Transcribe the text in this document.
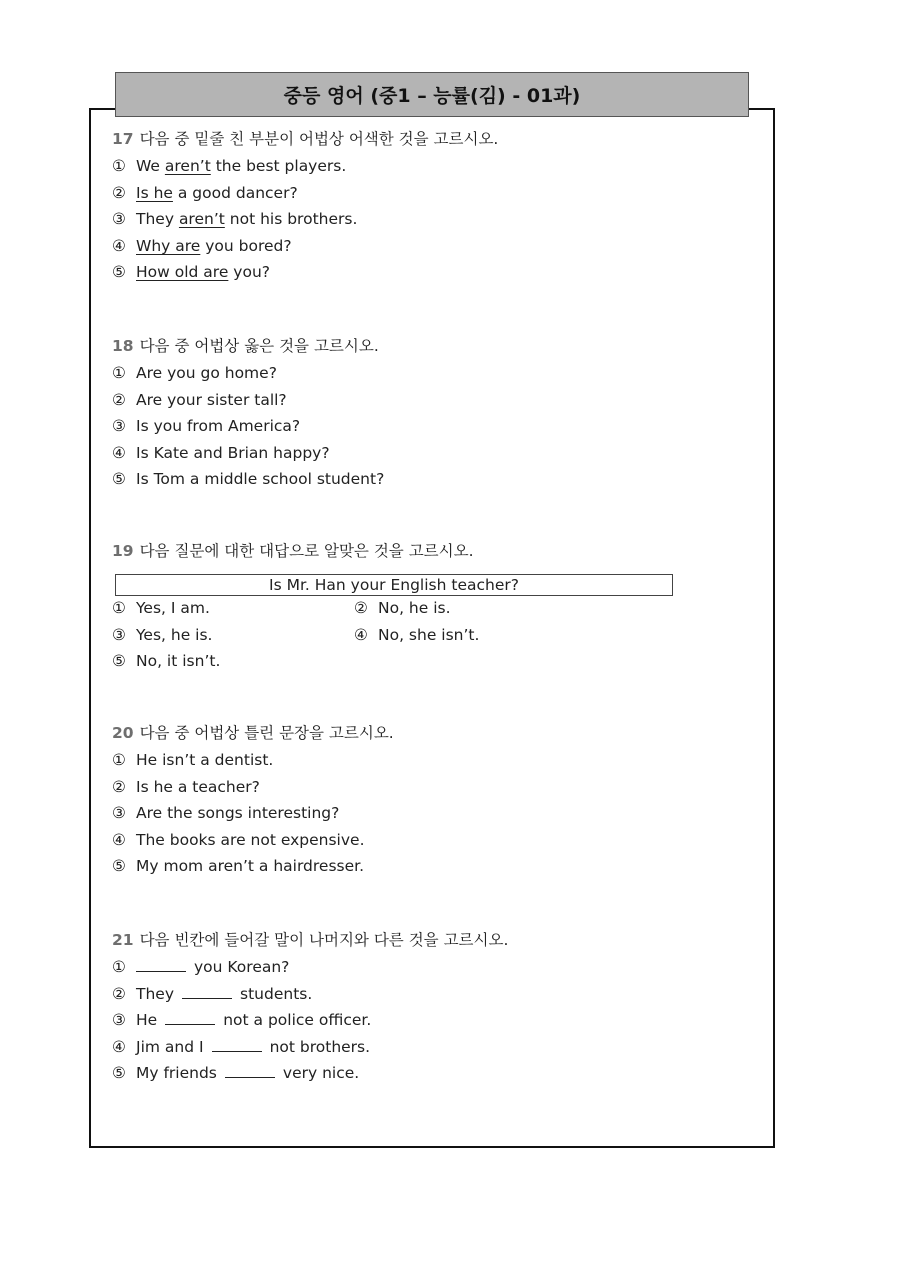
중등 영어 (중1 – 능률(김) - 01과)
17 다음 중 밑줄 친 부분이 어법상 어색한 것을 고르시오.
① We aren’t the best players.
② Is he a good dancer?
③ They aren’t not his brothers.
④ Why are you bored?
⑤ How old are you?
18 다음 중 어법상 옳은 것을 고르시오.
① Are you go home?
② Are your sister tall?
③ Is you from America?
④ Is Kate and Brian happy?
⑤ Is Tom a middle school student?
19 다음 질문에 대한 대답으로 알맞은 것을 고르시오.
Is Mr. Han your English teacher?
① Yes, I am.	② No, he is.
③ Yes, he is.	④ No, she isn’t.
⑤ No, it isn’t.
20 다음 중 어법상 틀린 문장을 고르시오.
① He isn’t a dentist.
② Is he a teacher?
③ Are the songs interesting?
④ The books are not expensive.
⑤ My mom aren’t a hairdresser.
21 다음 빈칸에 들어갈 말이 나머지와 다른 것을 고르시오.
①	you Korean?
② They	students.
③ He	not a police officer.
④ Jim and I	not brothers.
⑤ My friends	very nice.
